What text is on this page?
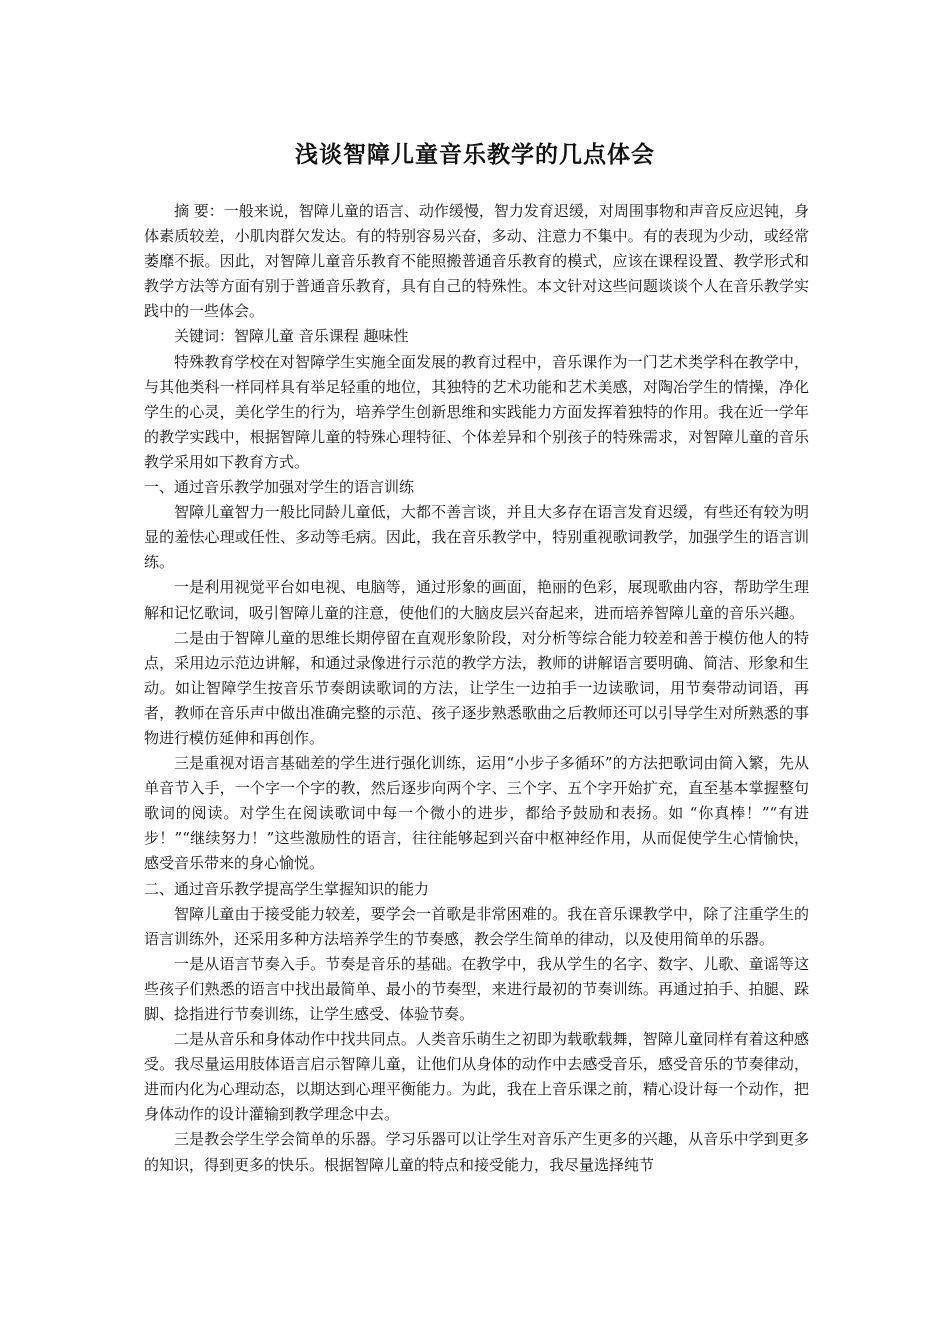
浅谈智障儿童音乐教学的几点体会

摘 要：一般来说，智障儿童的语言、动作缓慢，智力发育迟缓，对周围事物和声音反应迟钝，身体素质较差，小肌肉群欠发达。有的特别容易兴奋，多动、注意力不集中。有的表现为少动，或经常萎靡不振。因此，对智障儿童音乐教育不能照搬普通音乐教育的模式，应该在课程设置、教学形式和教学方法等方面有别于普通音乐教育，具有自己的特殊性。本文针对这些问题谈谈个人在音乐教学实践中的一些体会。

关键词：智障儿童 音乐课程 趣味性

特殊教育学校在对智障学生实施全面发展的教育过程中，音乐课作为一门艺术类学科在教学中，与其他类科一样同样具有举足轻重的地位，其独特的艺术功能和艺术美感，对陶冶学生的情操，净化学生的心灵，美化学生的行为，培养学生创新思维和实践能力方面发挥着独特的作用。我在近一学年的教学实践中，根据智障儿童的特殊心理特征、个体差异和个别孩子的特殊需求，对智障儿童的音乐教学采用如下教育方式。

一、通过音乐教学加强对学生的语言训练

智障儿童智力一般比同龄儿童低，大都不善言谈，并且大多存在语言发育迟缓，有些还有较为明显的羞怯心理或任性、多动等毛病。因此，我在音乐教学中，特别重视歌词教学，加强学生的语言训练。

一是利用视觉平台如电视、电脑等，通过形象的画面，艳丽的色彩，展现歌曲内容，帮助学生理解和记忆歌词，吸引智障儿童的注意，使他们的大脑皮层兴奋起来，进而培养智障儿童的音乐兴趣。

二是由于智障儿童的思维长期停留在直观形象阶段，对分析等综合能力较差和善于模仿他人的特点，采用边示范边讲解，和通过录像进行示范的教学方法，教师的讲解语言要明确、简洁、形象和生动。如让智障学生按音乐节奏朗读歌词的方法，让学生一边拍手一边读歌词，用节奏带动词语，再者，教师在音乐声中做出准确完整的示范、孩子逐步熟悉歌曲之后教师还可以引导学生对所熟悉的事物进行模仿延伸和再创作。

三是重视对语言基础差的学生进行强化训练，运用“小步子多循环”的方法把歌词由简入繁，先从单音节入手，一个字一个字的教，然后逐步向两个字、三个字、五个字开始扩充，直至基本掌握整句歌词的阅读。对学生在阅读歌词中每一个微小的进步，都给予鼓励和表扬。如 “你真棒！”“有进步！”“继续努力！”这些激励性的语言，往往能够起到兴奋中枢神经作用，从而促使学生心情愉快，感受音乐带来的身心愉悦。

二、通过音乐教学提高学生掌握知识的能力

智障儿童由于接受能力较差，要学会一首歌是非常困难的。我在音乐课教学中，除了注重学生的语言训练外，还采用多种方法培养学生的节奏感，教会学生简单的律动，以及使用简单的乐器。

一是从语言节奏入手。节奏是音乐的基础。在教学中，我从学生的名字、数字、儿歌、童谣等这些孩子们熟悉的语言中找出最简单、最小的节奏型，来进行最初的节奏训练。再通过拍手、拍腿、跺脚、捻指进行节奏训练，让学生感受、体验节奏。

二是从音乐和身体动作中找共同点。人类音乐萌生之初即为载歌载舞，智障儿童同样有着这种感受。我尽量运用肢体语言启示智障儿童，让他们从身体的动作中去感受音乐，感受音乐的节奏律动，进而内化为心理动态，以期达到心理平衡能力。为此，我在上音乐课之前，精心设计每一个动作，把身体动作的设计灌输到教学理念中去。

三是教会学生学会简单的乐器。学习乐器可以让学生对音乐产生更多的兴趣，从音乐中学到更多的知识，得到更多的快乐。根据智障儿童的特点和接受能力，我尽量选择纯节
